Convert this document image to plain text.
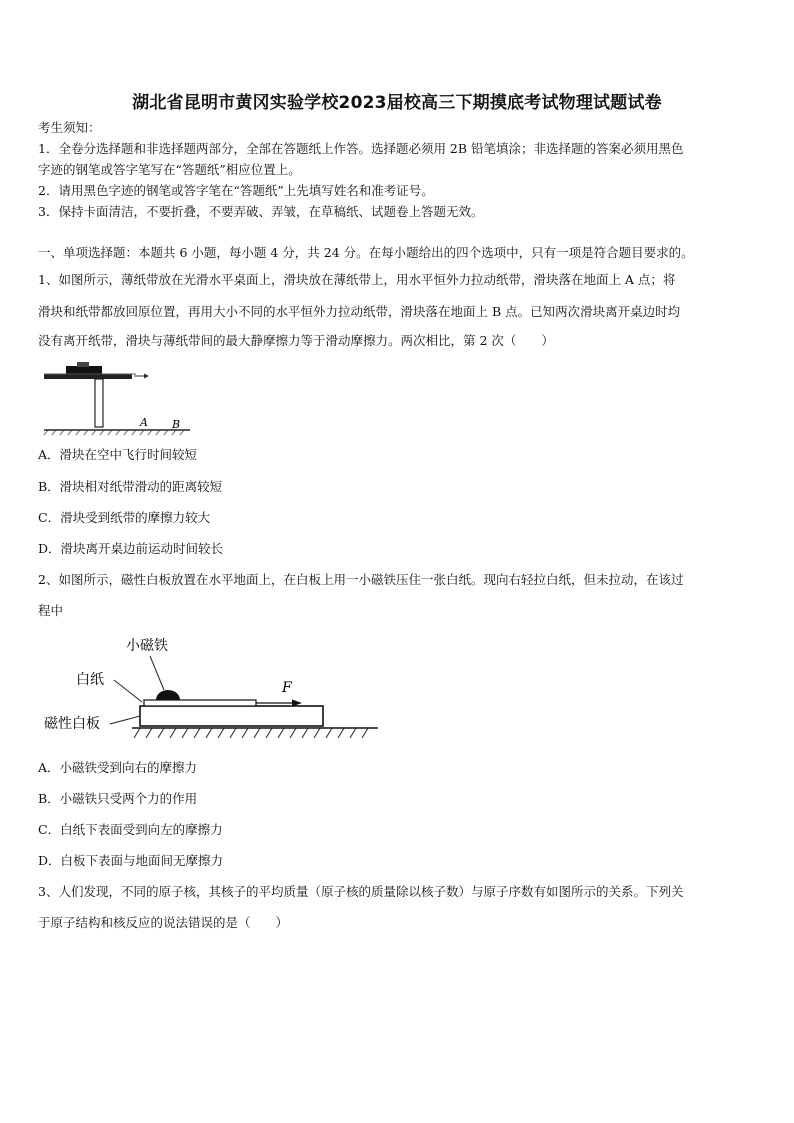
湖北省昆明市黄冈实验学校2023届校高三下期摸底考试物理试题试卷
考生须知：
1．全卷分选择题和非选择题两部分，全部在答题纸上作答。选择题必须用 2B 铅笔填涂；非选择题的答案必须用黑色
字迹的钢笔或答字笔写在“答题纸”相应位置上。
2．请用黑色字迹的钢笔或答字笔在“答题纸”上先填写姓名和准考证号。
3．保持卡面清洁，不要折叠，不要弄破、弄皱，在草稿纸、试题卷上答题无效。
一、单项选择题：本题共 6 小题，每小题 4 分，共 24 分。在每小题给出的四个选项中，只有一项是符合题目要求的。
1、如图所示，薄纸带放在光滑水平桌面上，滑块放在薄纸带上，用水平恒外力拉动纸带，滑块落在地面上 A 点；将
滑块和纸带都放回原位置，再用大小不同的水平恒外力拉动纸带，滑块落在地面上 B 点。已知两次滑块离开桌边时均
没有离开纸带，滑块与薄纸带间的最大静摩擦力等于滑动摩擦力。两次相比，第 2 次（　　）
A B
A．滑块在空中飞行时间较短
B．滑块相对纸带滑动的距离较短
C．滑块受到纸带的摩擦力较大
D．滑块离开桌边前运动时间较长
2、如图所示，磁性白板放置在水平地面上，在白板上用一小磁铁压住一张白纸。现向右轻拉白纸，但未拉动，在该过
程中
小磁铁
白纸
磁性白板
F
A．小磁铁受到向右的摩擦力
B．小磁铁只受两个力的作用
C．白纸下表面受到向左的摩擦力
D．白板下表面与地面间无摩擦力
3、人们发现，不同的原子核，其核子的平均质量（原子核的质量除以核子数）与原子序数有如图所示的关系。下列关
于原子结构和核反应的说法错误的是（　　）
